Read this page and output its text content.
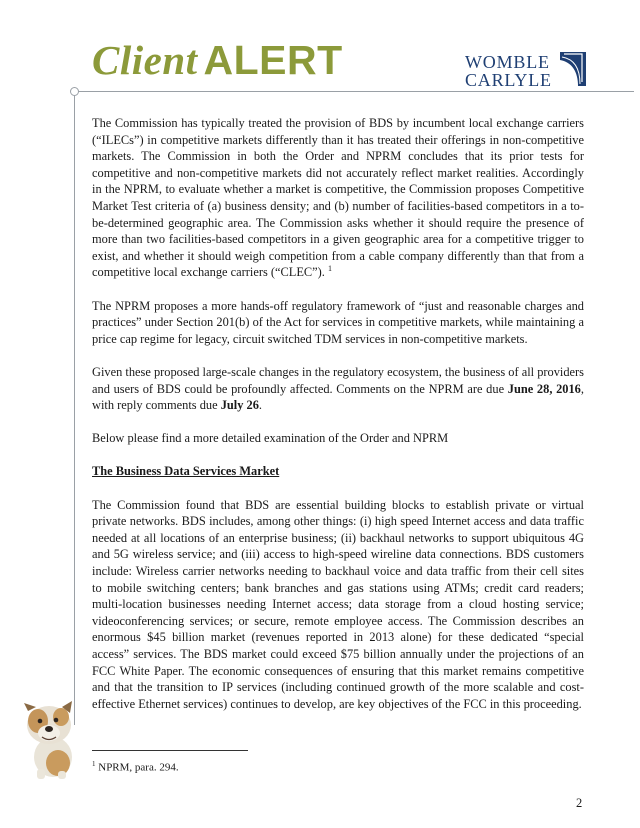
Client ALERT	WOMBLE
CARLYLE

The Commission has typically treated the provision of BDS by incumbent local exchange carriers (“ILECs”) in competitive markets differently than it has treated their offerings in non-competitive markets. The Commission in both the Order and NPRM concludes that its prior tests for competitive and non-competitive markets did not accurately reflect market realities. Accordingly in the NPRM, to evaluate whether a market is competitive, the Commission proposes Competitive Market Test criteria of (a) business density; and (b) number of facilities-based competitors in a to-be-determined geographic area. The Commission asks whether it should require the presence of more than two facilities-based competitors in a given geographic area for a competitive trigger to exist, and whether it should weigh competition from a cable company differently than that from a competitive local exchange carriers (“CLEC”). $^1$

The NPRM proposes a more hands-off regulatory framework of “just and reasonable charges and practices” under Section 201(b) of the Act for services in competitive markets, while maintaining a price cap regime for legacy, circuit switched TDM services in non-competitive markets.

Given these proposed large-scale changes in the regulatory ecosystem, the business of all providers and users of BDS could be profoundly affected. Comments on the NPRM are due June 28, 2016, with reply comments due July 26.

Below please find a more detailed examination of the Order and NPRM

The Business Data Services Market

The Commission found that BDS are essential building blocks to establish private or virtual private networks. BDS includes, among other things: (i) high speed Internet access and data traffic needed at all locations of an enterprise business; (ii) backhaul networks to support ubiquitous 4G and 5G wireless service; and (iii) access to high-speed wireline data connections. BDS customers include: Wireless carrier networks needing to backhaul voice and data traffic from their cell sites to mobile switching centers; bank branches and gas stations using ATMs; credit card readers; multi-location businesses needing Internet access; data storage from a cloud hosting service; videoconferencing services; or secure, remote employee access. The Commission describes an enormous $45 billion market (revenues reported in 2013 alone) for these dedicated “special access” services. The BDS market could exceed $75 billion annually under the projections of an FCC White Paper. The economic consequences of ensuring that this market remains competitive and that the transition to IP services (including continued growth of the more scalable and cost-effective Ethernet services) continues to develop, are key objectives of the FCC in this proceeding.

$^1$ NPRM, para. 294.
2
